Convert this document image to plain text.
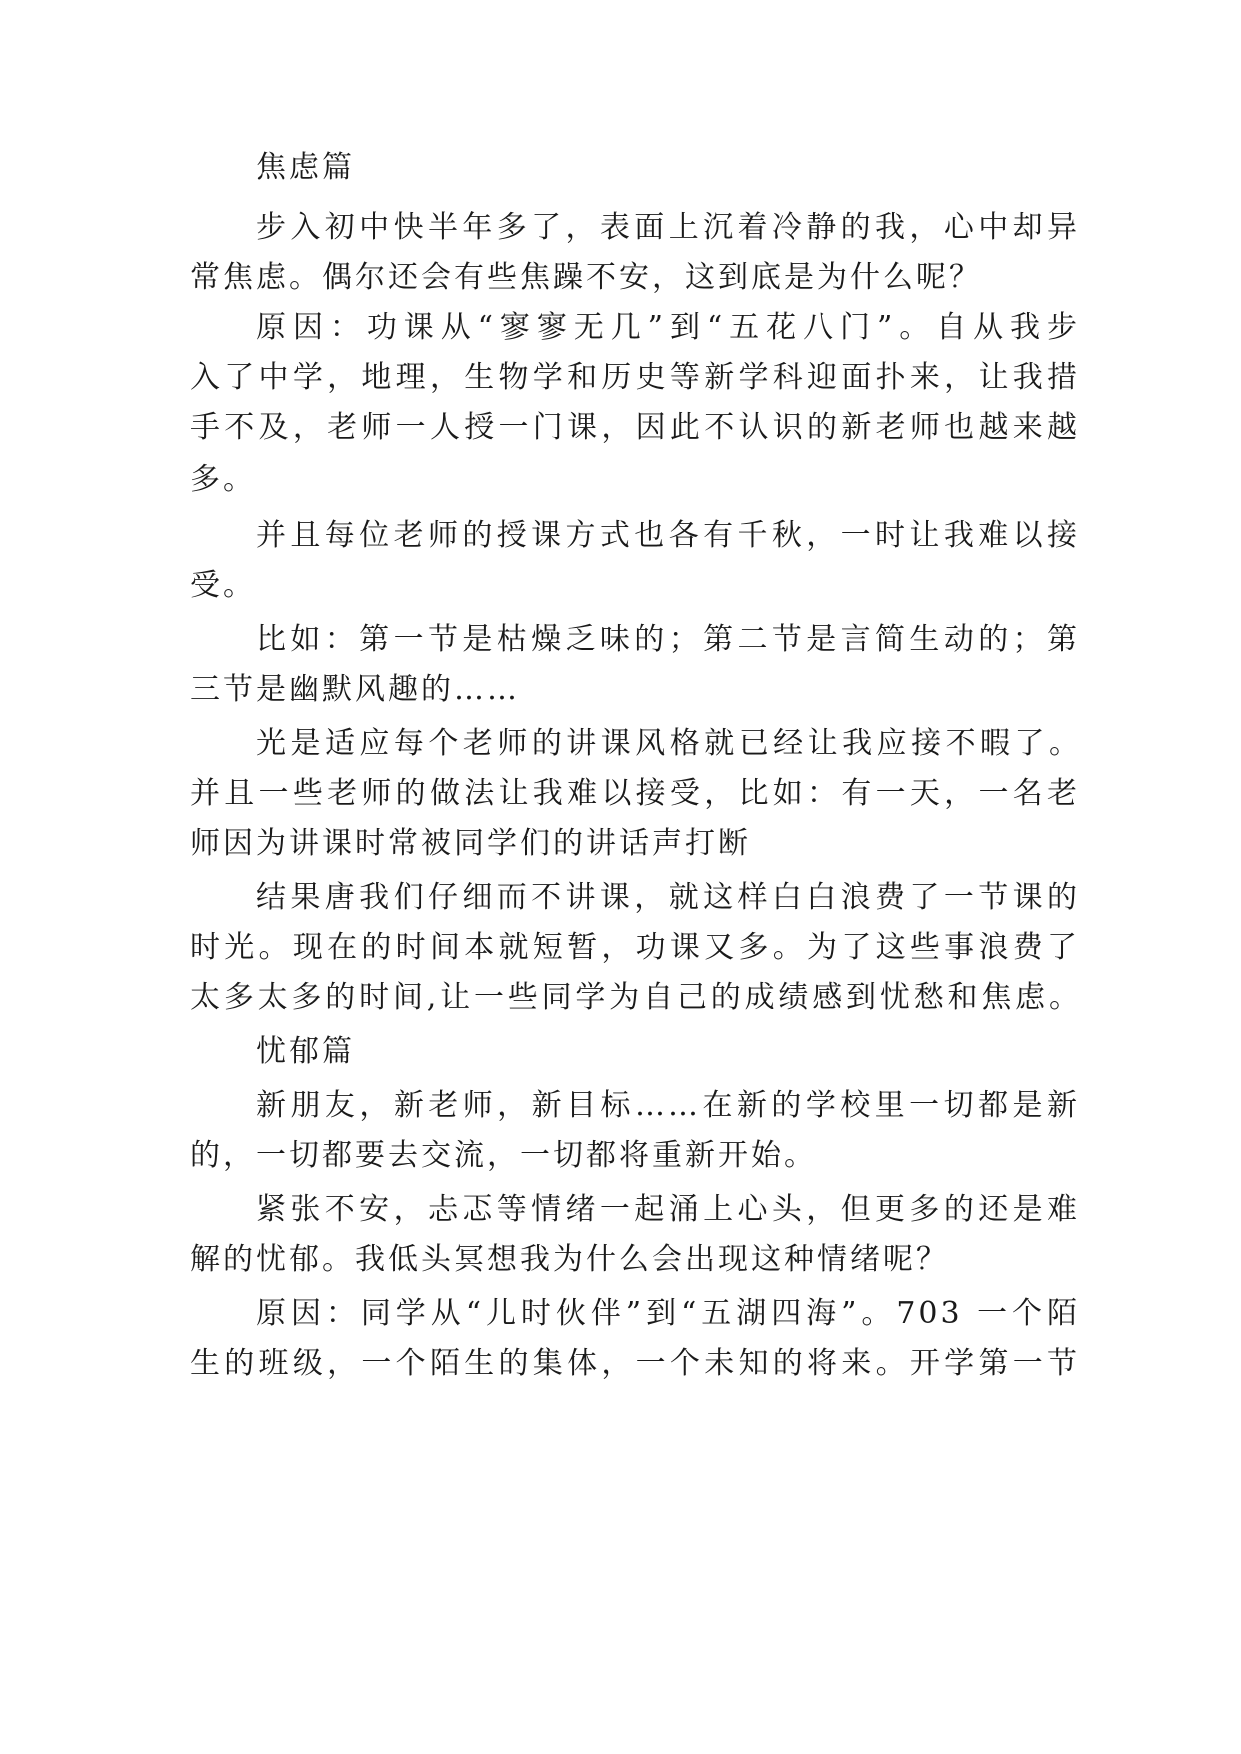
焦虑篇
步入初中快半年多了，表面上沉着冷静的我，心中却异
常焦虑。偶尔还会有些焦躁不安，这到底是为什么呢？
原因：功课从“寥寥无几”到“五花八门”。自从我步
入了中学，地理，生物学和历史等新学科迎面扑来，让我措
手不及，老师一人授一门课，因此不认识的新老师也越来越
多。
并且每位老师的授课方式也各有千秋，一时让我难以接
受。
比如：第一节是枯燥乏味的；第二节是言简生动的；第
三节是幽默风趣的……
光是适应每个老师的讲课风格就已经让我应接不暇了。
并且一些老师的做法让我难以接受，比如：有一天，一名老
师因为讲课时常被同学们的讲话声打断
结果唐我们仔细而不讲课，就这样白白浪费了一节课的
时光。现在的时间本就短暂，功课又多。为了这些事浪费了
太多太多的时间,让一些同学为自己的成绩感到忧愁和焦虑。
忧郁篇
新朋友，新老师，新目标……在新的学校里一切都是新
的，一切都要去交流，一切都将重新开始。
紧张不安，忐忑等情绪一起涌上心头，但更多的还是难
解的忧郁。我低头冥想我为什么会出现这种情绪呢？
原因：同学从“儿时伙伴”到“五湖四海”。703 一个陌
生的班级，一个陌生的集体，一个未知的将来。开学第一节
